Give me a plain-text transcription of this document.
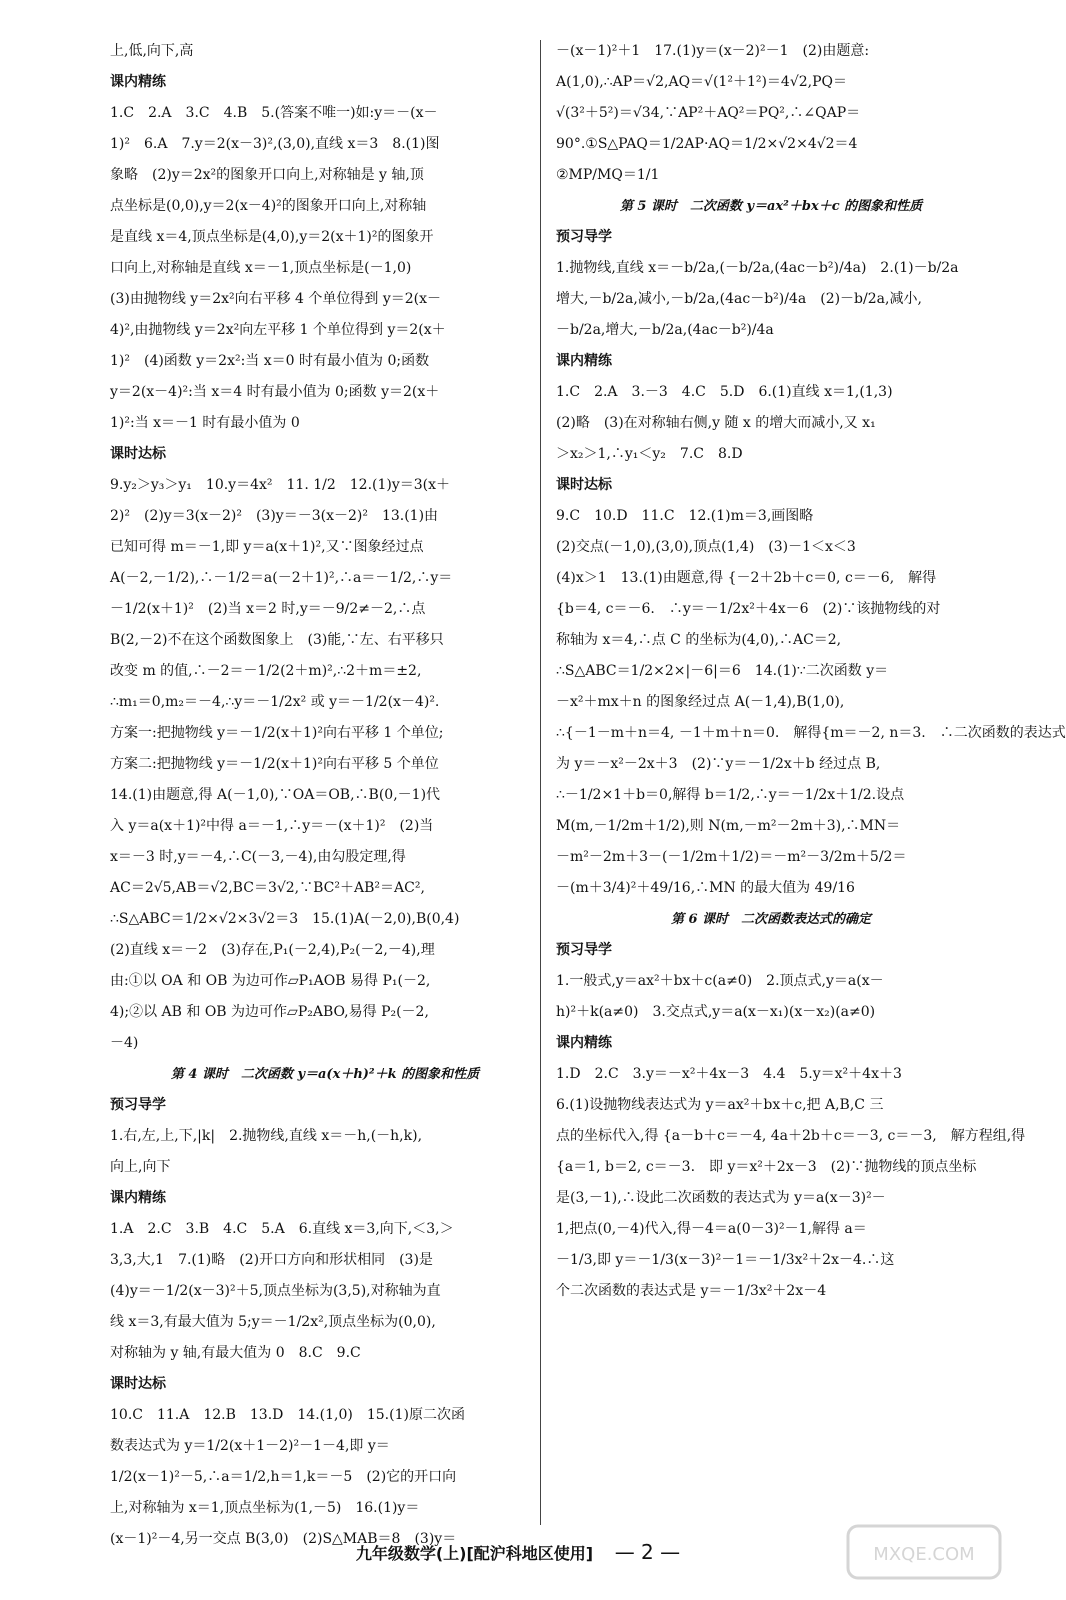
上,低,向下,高
课内精练
1.C　2.A　3.C　4.B　5.(答案不唯一)如:y＝－(x－
1)²　6.A　7.y＝2(x－3)²,(3,0),直线 x＝3　8.(1)图
象略　(2)y＝2x²的图象开口向上,对称轴是 y 轴,顶
点坐标是(0,0),y＝2(x－4)²的图象开口向上,对称轴
是直线 x＝4,顶点坐标是(4,0),y＝2(x＋1)²的图象开
口向上,对称轴是直线 x＝－1,顶点坐标是(－1,0)
(3)由抛物线 y＝2x²向右平移 4 个单位得到 y＝2(x－
4)²,由抛物线 y＝2x²向左平移 1 个单位得到 y＝2(x＋
1)²　(4)函数 y＝2x²:当 x＝0 时有最小值为 0;函数
y＝2(x－4)²:当 x＝4 时有最小值为 0;函数 y＝2(x＋
1)²:当 x＝－1 时有最小值为 0
课时达标
9.y₂＞y₃＞y₁　10.y＝4x²　11. 1/2　12.(1)y＝3(x＋
2)²　(2)y＝3(x－2)²　(3)y＝－3(x－2)²　13.(1)由
已知可得 m＝－1,即 y＝a(x＋1)²,又∵图象经过点
A(－2,－1/2),∴－1/2＝a(－2＋1)²,∴a＝－1/2,∴y＝
－1/2(x＋1)²　(2)当 x＝2 时,y＝－9/2≠－2,∴点
B(2,－2)不在这个函数图象上　(3)能,∵左、右平移只
改变 m 的值,∴－2＝－1/2(2＋m)²,∴2＋m＝±2,
∴m₁＝0,m₂＝－4,∴y＝－1/2x² 或 y＝－1/2(x－4)².
方案一:把抛物线 y＝－1/2(x＋1)²向右平移 1 个单位;
方案二:把抛物线 y＝－1/2(x＋1)²向右平移 5 个单位
14.(1)由题意,得 A(－1,0),∵OA＝OB,∴B(0,－1)代
入 y＝a(x＋1)²中得 a＝－1,∴y＝－(x＋1)²　(2)当
x＝－3 时,y＝－4,∴C(－3,－4),由勾股定理,得
AC＝2√5,AB＝√2,BC＝3√2,∵BC²＋AB²＝AC²,
∴S△ABC＝1/2×√2×3√2＝3　15.(1)A(－2,0),B(0,4)
(2)直线 x＝－2　(3)存在,P₁(－2,4),P₂(－2,－4),理
由:①以 OA 和 OB 为边可作▱P₁AOB 易得 P₁(－2,
4);②以 AB 和 OB 为边可作▱P₂ABO,易得 P₂(－2,
－4)
第 4 课时　二次函数 y＝a(x＋h)²＋k 的图象和性质
预习导学
1.右,左,上,下,|k|　2.抛物线,直线 x＝－h,(－h,k),
向上,向下
课内精练
1.A　2.C　3.B　4.C　5.A　6.直线 x＝3,向下,＜3,＞
3,3,大,1　7.(1)略　(2)开口方向和形状相同　(3)是
(4)y＝－1/2(x－3)²＋5,顶点坐标为(3,5),对称轴为直
线 x＝3,有最大值为 5;y＝－1/2x²,顶点坐标为(0,0),
对称轴为 y 轴,有最大值为 0　8.C　9.C
课时达标
10.C　11.A　12.B　13.D　14.(1,0)　15.(1)原二次函
数表达式为 y＝1/2(x＋1－2)²－1－4,即 y＝
1/2(x－1)²－5,∴a＝1/2,h＝1,k＝－5　(2)它的开口向
上,对称轴为 x＝1,顶点坐标为(1,－5)　16.(1)y＝
(x－1)²－4,另一交点 B(3,0)　(2)S△MAB＝8　(3)y＝
－(x－1)²＋1　17.(1)y＝(x－2)²－1　(2)由题意:
A(1,0),∴AP＝√2,AQ＝√(1²＋1²)＝4√2,PQ＝
√(3²＋5²)＝√34,∵AP²＋AQ²＝PQ²,∴∠QAP＝
90°.①S△PAQ＝1/2AP·AQ＝1/2×√2×4√2＝4
②MP/MQ＝1/1
第 5 课时　二次函数 y＝ax²＋bx＋c 的图象和性质
预习导学
1.抛物线,直线 x＝－b/2a,(－b/2a,(4ac－b²)/4a)　2.(1)－b/2a
增大,－b/2a,减小,－b/2a,(4ac－b²)/4a　(2)－b/2a,减小,
－b/2a,增大,－b/2a,(4ac－b²)/4a
课内精练
1.C　2.A　3.－3　4.C　5.D　6.(1)直线 x＝1,(1,3)
(2)略　(3)在对称轴右侧,y 随 x 的增大而减小,又 x₁
＞x₂＞1,∴y₁＜y₂　7.C　8.D
课时达标
9.C　10.D　11.C　12.(1)m＝3,画图略
(2)交点(－1,0),(3,0),顶点(1,4)　(3)－1＜x＜3
(4)x＞1　13.(1)由题意,得 {－2＋2b＋c＝0, c＝－6,　解得
{b＝4, c＝－6.　∴y＝－1/2x²＋4x－6　(2)∵该抛物线的对
称轴为 x＝4,∴点 C 的坐标为(4,0),∴AC＝2,
∴S△ABC＝1/2×2×|－6|＝6　14.(1)∵二次函数 y＝
－x²＋mx＋n 的图象经过点 A(－1,4),B(1,0),
∴{－1－m＋n＝4, －1＋m＋n＝0.　解得{m＝－2, n＝3.　∴二次函数的表达式
为 y＝－x²－2x＋3　(2)∵y＝－1/2x＋b 经过点 B,
∴－1/2×1＋b＝0,解得 b＝1/2,∴y＝－1/2x＋1/2.设点
M(m,－1/2m＋1/2),则 N(m,－m²－2m＋3),∴MN＝
－m²－2m＋3－(－1/2m＋1/2)＝－m²－3/2m＋5/2＝
－(m＋3/4)²＋49/16,∴MN 的最大值为 49/16
第 6 课时　二次函数表达式的确定
预习导学
1.一般式,y＝ax²＋bx＋c(a≠0)　2.顶点式,y＝a(x－
h)²＋k(a≠0)　3.交点式,y＝a(x－x₁)(x－x₂)(a≠0)
课内精练
1.D　2.C　3.y＝－x²＋4x－3　4.4　5.y＝x²＋4x＋3
6.(1)设抛物线表达式为 y＝ax²＋bx＋c,把 A,B,C 三
点的坐标代入,得 {a－b＋c＝－4, 4a＋2b＋c＝－3, c＝－3,　解方程组,得
{a＝1, b＝2, c＝－3.　即 y＝x²＋2x－3　(2)∵抛物线的顶点坐标
是(3,－1),∴设此二次函数的表达式为 y＝a(x－3)²－
1,把点(0,－4)代入,得－4＝a(0－3)²－1,解得 a＝
－1/3,即 y＝－1/3(x－3)²－1＝－1/3x²＋2x－4.∴这
个二次函数的表达式是 y＝－1/3x²＋2x－4
九年级数学(上)[配沪科地区使用] — 2 —	MXQE.COM
